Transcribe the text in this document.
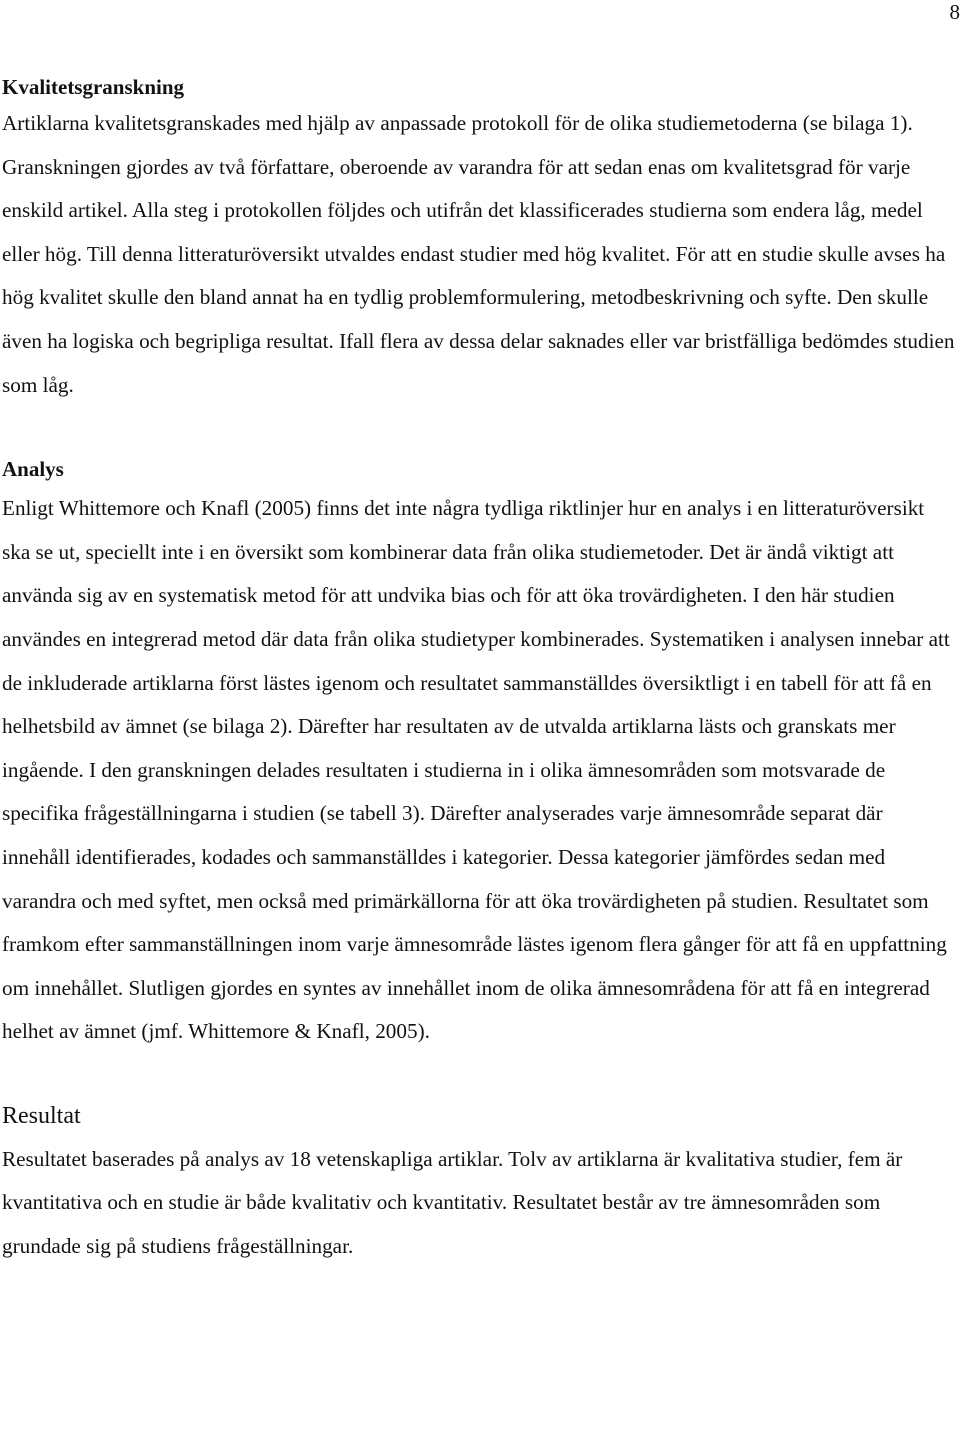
8
Kvalitetsgranskning

Artiklarna kvalitetsgranskades med hjälp av anpassade protokoll för de olika studiemetoderna (se bilaga 1). Granskningen gjordes av två författare, oberoende av varandra för att sedan enas om kvalitetsgrad för varje enskild artikel. Alla steg i protokollen följdes och utifrån det klassificerades studierna som endera låg, medel eller hög. Till denna litteraturöversikt utvaldes endast studier med hög kvalitet. För att en studie skulle avses ha hög kvalitet skulle den bland annat ha en tydlig problemformulering, metodbeskrivning och syfte. Den skulle även ha logiska och begripliga resultat. Ifall flera av dessa delar saknades eller var bristfälliga bedömdes studien som låg.

Analys

Enligt Whittemore och Knafl (2005) finns det inte några tydliga riktlinjer hur en analys i en litteraturöversikt ska se ut, speciellt inte i en översikt som kombinerar data från olika studiemetoder. Det är ändå viktigt att använda sig av en systematisk metod för att undvika bias och för att öka trovärdigheten. I den här studien användes en integrerad metod där data från olika studietyper kombinerades. Systematiken i analysen innebar att de inkluderade artiklarna först lästes igenom och resultatet sammanställdes översiktligt i en tabell för att få en helhetsbild av ämnet (se bilaga 2). Därefter har resultaten av de utvalda artiklarna lästs och granskats mer ingående. I den granskningen delades resultaten i studierna in i olika ämnesområden som motsvarade de specifika frågeställningarna i studien (se tabell 3). Därefter analyserades varje ämnesområde separat där innehåll identifierades, kodades och sammanställdes i kategorier. Dessa kategorier jämfördes sedan med varandra och med syftet, men också med primärkällorna för att öka trovärdigheten på studien. Resultatet som framkom efter sammanställningen inom varje ämnesområde lästes igenom flera gånger för att få en uppfattning om innehållet. Slutligen gjordes en syntes av innehållet inom de olika ämnesområdena för att få en integrerad helhet av ämnet (jmf. Whittemore & Knafl, 2005).

Resultat

Resultatet baserades på analys av 18 vetenskapliga artiklar. Tolv av artiklarna är kvalitativa studier, fem är kvantitativa och en studie är både kvalitativ och kvantitativ. Resultatet består av tre ämnesområden som grundade sig på studiens frågeställningar.
